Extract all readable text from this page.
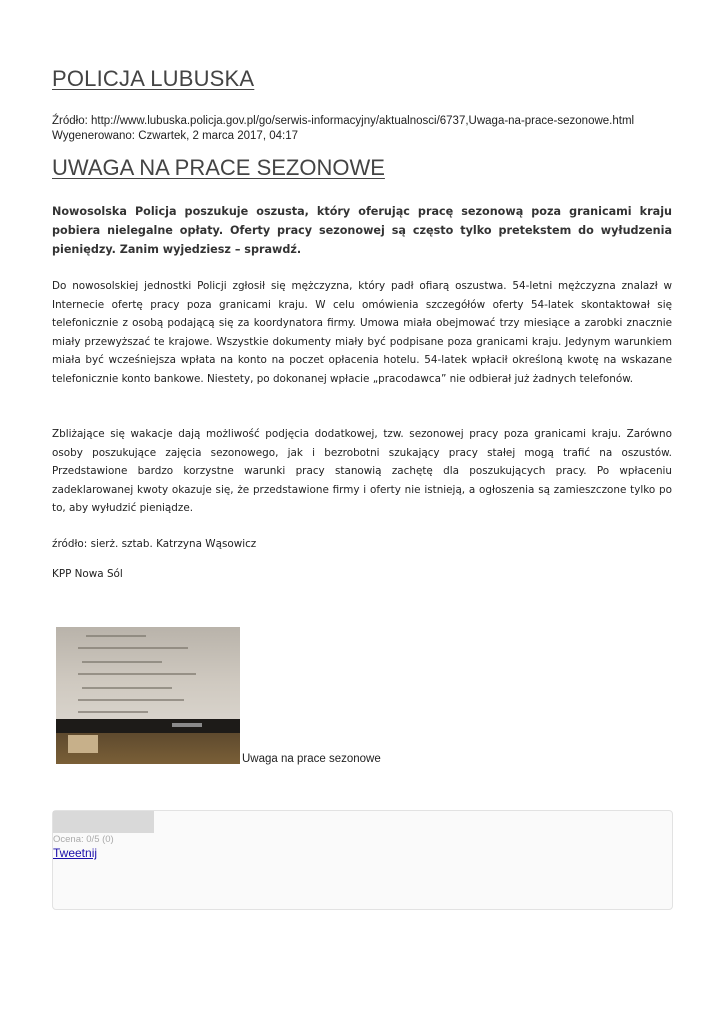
POLICJA LUBUSKA
Źródło: http://www.lubuska.policja.gov.pl/go/serwis-informacyjny/aktualnosci/6737,Uwaga-na-prace-sezonowe.html
Wygenerowano: Czwartek, 2 marca 2017, 04:17
UWAGA NA PRACE SEZONOWE

Nowosolska Policja poszukuje oszusta, który oferując pracę sezonową poza granicami kraju pobiera nielegalne opłaty. Oferty pracy sezonowej są często tylko pretekstem do wyłudzenia pieniędzy. Zanim wyjedziesz – sprawdź.

Do nowosolskiej jednostki Policji zgłosił się mężczyzna, który padł ofiarą oszustwa. 54-letni mężczyzna znalazł w Internecie ofertę pracy poza granicami kraju. W celu omówienia szczegółów oferty 54-latek skontaktował się telefonicznie z osobą podającą się za koordynatora firmy. Umowa miała obejmować trzy miesiące a zarobki znacznie miały przewyższać te krajowe. Wszystkie dokumenty miały być podpisane poza granicami kraju. Jedynym warunkiem miała być wcześniejsza wpłata na konto na poczet opłacenia hotelu. 54-latek wpłacił określoną kwotę na wskazane telefonicznie konto bankowe. Niestety, po dokonanej wpłacie „pracodawca” nie odbierał już żadnych telefonów.

Zbliżające się wakacje dają możliwość podjęcia dodatkowej, tzw. sezonowej pracy poza granicami kraju. Zarówno osoby poszukujące zajęcia sezonowego, jak i bezrobotni szukający pracy stałej mogą trafić na oszustów. Przedstawione bardzo korzystne warunki pracy stanowią zachętę dla poszukujących pracy. Po wpłaceniu zadeklarowanej kwoty okazuje się, że przedstawione firmy i oferty nie istnieją, a ogłoszenia są zamieszczone tylko po to, aby wyłudzić pieniądze.

źródło: sierż. sztab. Katrzyna Wąsowicz
KPP Nowa Sól
Uwaga na prace sezonowe
Ocena: 0/5 (0)
Tweetnij
